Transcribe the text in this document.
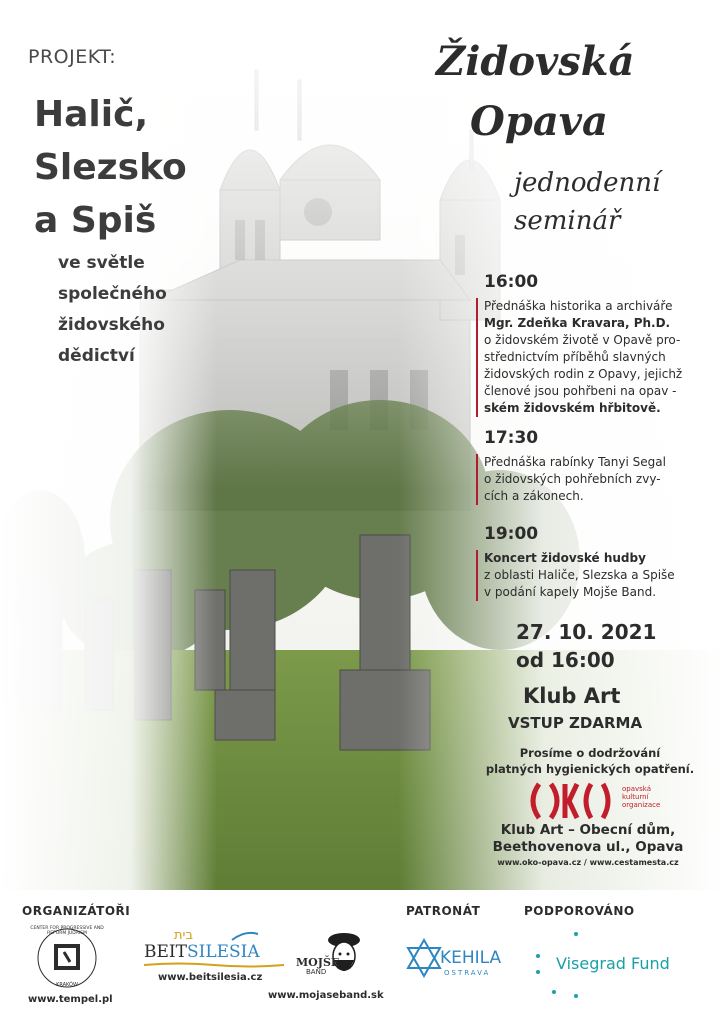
PROJEKT:
Halič,
Slezsko
a Spiš
ve světle
společného
židovského
dědictví
Židovská
Opava
jednodenní
seminář
16:00
Přednáška historika a archiváře
Mgr. Zdeňka Kravara, Ph.D.
o židovském životě v Opavě pro-
střednictvím příběhů slavných
židovských rodin z Opavy, jejichž
členové jsou pohřbeni na opav -
ském židovském hřbitově.
17:30
Přednáška rabínky Tanyi Segal
o židovských pohřebních zvy-
cích a zákonech.
19:00
Koncert židovské hudby
z oblasti Haliče, Slezska a Spiše
v podání kapely Mojše Band.
27. 10. 2021
od 16:00
Klub Art
VSTUP ZDARMA
Prosíme o dodržování
platných hygienických opatření.
opavská
kulturní
organizace
Klub Art – Obecní dům,
Beethovenova ul., Opava
www.oko-opava.cz / www.cestamesta.cz
ORGANIZÁTOŘI	PATRONÁT	PODPOROVÁNO
CENTER FOR PROGRESSIVE AND REFORM JUDAISM
KRAKÓW
www.tempel.pl
בית
BEITSILESIA
www.beitsilesia.cz
MOJŠE
BAND
www.mojaseband.sk
KEHILA
OSTRAVA	Visegrad Fund
